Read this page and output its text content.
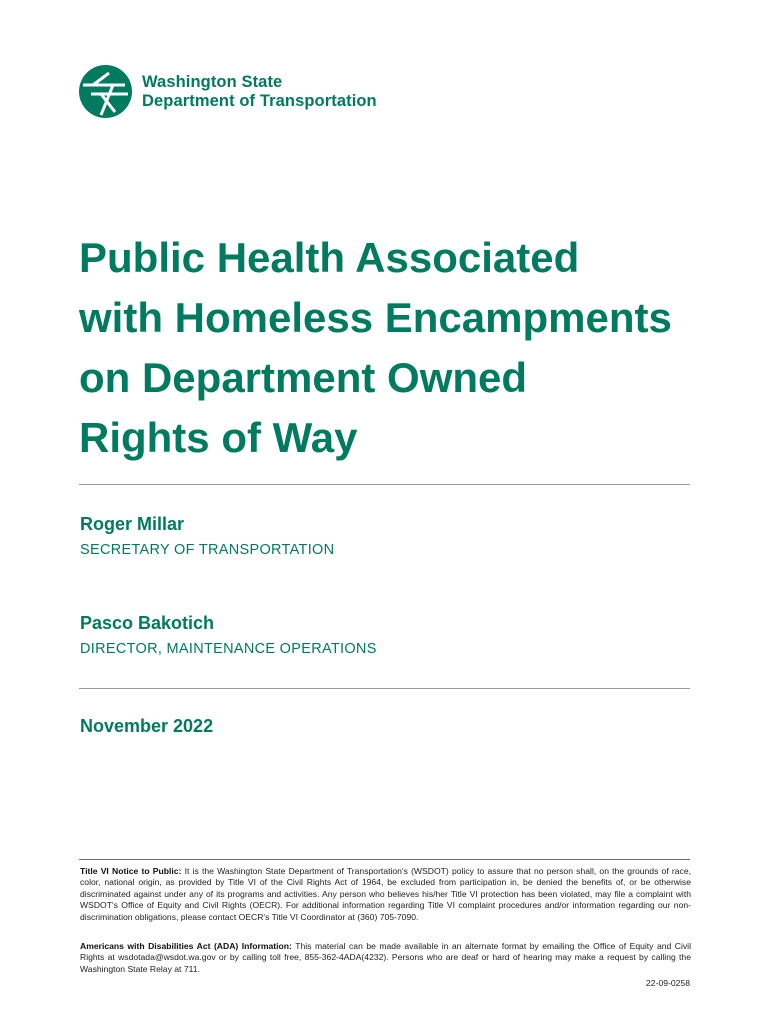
Washington State
Department of Transportation
Public Health Associated
with Homeless Encampments
on Department Owned
Rights of Way
Roger Millar
SECRETARY OF TRANSPORTATION
Pasco Bakotich
DIRECTOR, MAINTENANCE OPERATIONS
November 2022

Title VI Notice to Public: It is the Washington State Department of Transportation's (WSDOT) policy to assure that no person shall, on the grounds of race, color, national origin, as provided by Title VI of the Civil Rights Act of 1964, be excluded from participation in, be denied the benefits of, or be otherwise discriminated against under any of its programs and activities. Any person who believes his/her Title VI protection has been violated, may file a complaint with WSDOT's Office of Equity and Civil Rights (OECR). For additional information regarding Title VI complaint procedures and/or information regarding our non-discrimination obligations, please contact OECR's Title VI Coordinator at (360) 705-7090.

Americans with Disabilities Act (ADA) Information: This material can be made available in an alternate format by emailing the Office of Equity and Civil Rights at wsdotada@wsdot.wa.gov or by calling toll free, 855-362-4ADA(4232). Persons who are deaf or hard of hearing may make a request by calling the Washington State Relay at 711.

22-09-0258
